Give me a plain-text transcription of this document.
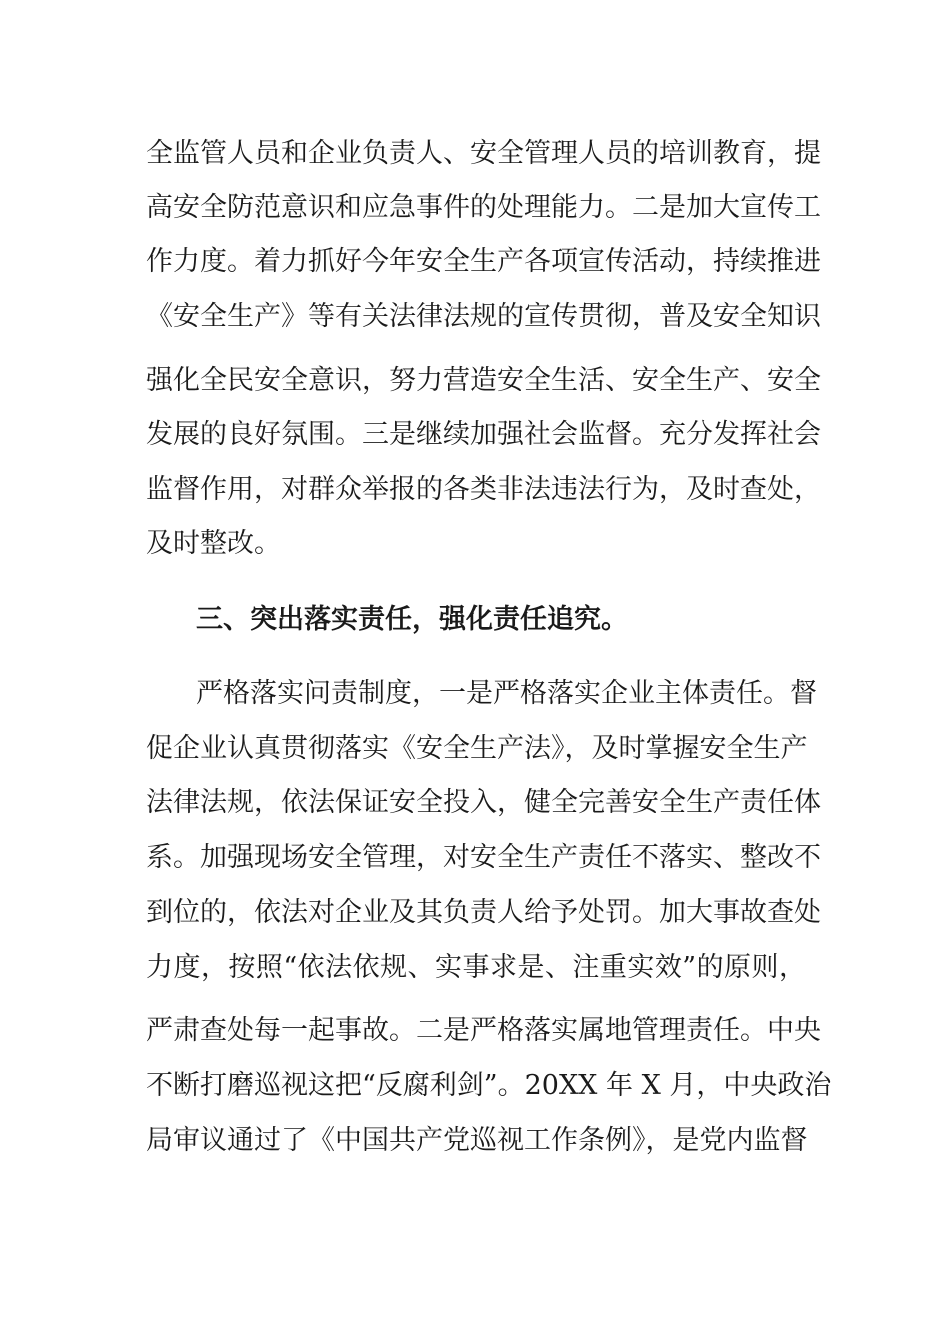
全监管人员和企业负责人、安全管理人员的培训教育，提

高安全防范意识和应急事件的处理能力。二是加大宣传工

作力度。着力抓好今年安全生产各项宣传活动，持续推进

《安全生产》等有关法律法规的宣传贯彻，普及安全知识

强化全民安全意识，努力营造安全生活、安全生产、安全

发展的良好氛围。三是继续加强社会监督。充分发挥社会

监督作用，对群众举报的各类非法违法行为，及时查处，

及时整改。

三、突出落实责任，强化责任追究。

严格落实问责制度，一是严格落实企业主体责任。督

促企业认真贯彻落实《安全生产法》，及时掌握安全生产

法律法规，依法保证安全投入，健全完善安全生产责任体

系。加强现场安全管理，对安全生产责任不落实、整改不

到位的，依法对企业及其负责人给予处罚。加大事故查处

力度，按照“依法依规、实事求是、注重实效”的原则，

严肃查处每一起事故。二是严格落实属地管理责任。中央

不断打磨巡视这把“反腐利剑”。20XX 年 X 月，中央政治

局审议通过了《中国共产党巡视工作条例》，是党内监督
